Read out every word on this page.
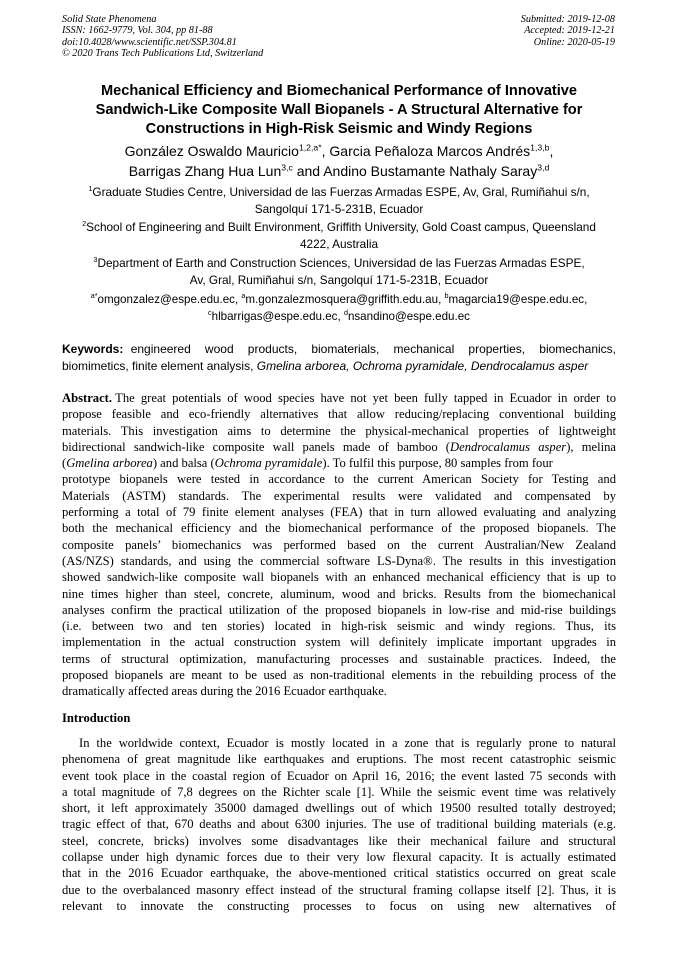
Solid State Phenomena
ISSN: 1662-9779, Vol. 304, pp 81-88
doi:10.4028/www.scientific.net/SSP.304.81
© 2020 Trans Tech Publications Ltd, Switzerland
Submitted: 2019-12-08
Accepted: 2019-12-21
Online: 2020-05-19
Mechanical Efficiency and Biomechanical Performance of Innovative
Sandwich-Like Composite Wall Biopanels - A Structural Alternative for
Constructions in High-Risk Seismic and Windy Regions
González Oswaldo Mauricio$^{1,2,a*}$, Garcia Peñaloza Marcos Andrés$^{1,3,b}$,
Barrigas Zhang Hua Lun$^{3,c}$ and Andino Bustamante Nathaly Saray$^{3,d}$
$^1$Graduate Studies Centre, Universidad de las Fuerzas Armadas ESPE, Av, Gral, Rumiñahui s/n,
Sangolquí 171-5-231B, Ecuador
$^2$School of Engineering and Built Environment, Griffith University, Gold Coast campus, Queensland
4222, Australia
$^3$Department of Earth and Construction Sciences, Universidad de las Fuerzas Armadas ESPE,
Av, Gral, Rumiñahui s/n, Sangolquí 171-5-231B, Ecuador
$^{a*}$omgonzalez@espe.edu.ec, $^a$m.gonzalezmosquera@griffith.edu.au, $^b$magarcia19@espe.edu.ec,
$^c$hlbarrigas@espe.edu.ec, $^d$nsandino@espe.edu.ec
Keywords:
engineered wood products, biomaterials, mechanical properties, biomechanics,
biomimetics, finite element analysis, Gmelina arborea, Ochroma pyramidale, Dendrocalamus asper
Abstract.
The great potentials of wood species have not yet been fully tapped in Ecuador in order to
propose feasible and eco-friendly alternatives that allow reducing/replacing conventional building
materials. This investigation aims to determine the physical-mechanical properties of lightweight
bidirectional sandwich-like composite wall panels made of bamboo (Dendrocalamus asper), melina
(Gmelina arborea) and balsa (Ochroma pyramidale). To fulfil this purpose, 80 samples from four
prototype biopanels were tested in accordance to the current American Society for Testing and
Materials (ASTM) standards. The experimental results were validated and compensated by
performing a total of 79 finite element analyses (FEA) that in turn allowed evaluating and analyzing
both the mechanical efficiency and the biomechanical performance of the proposed biopanels. The
composite panels’ biomechanics was performed based on the current Australian/New Zealand
(AS/NZS) standards, and using the commercial software LS-Dyna®. The results in this investigation
showed sandwich-like composite wall biopanels with an enhanced mechanical efficiency that is up to
nine times higher than steel, concrete, aluminum, wood and bricks. Results from the biomechanical
analyses confirm the practical utilization of the proposed biopanels in low-rise and mid-rise buildings
(i.e. between two and ten stories) located in high-risk seismic and windy regions. Thus, its
implementation in the actual construction system will definitely implicate important upgrades in
terms of structural optimization, manufacturing processes and sustainable practices. Indeed, the
proposed biopanels are meant to be used as non-traditional elements in the rebuilding process of the
dramatically affected areas during the 2016 Ecuador earthquake.
Introduction
In the worldwide context, Ecuador is mostly located in a zone that is regularly prone to natural
phenomena of great magnitude like earthquakes and eruptions. The most recent catastrophic seismic
event took place in the coastal region of Ecuador on April 16, 2016; the event lasted 75 seconds with
a total magnitude of 7,8 degrees on the Richter scale [1]. While the seismic event time was relatively
short, it left approximately 35000 damaged dwellings out of which 19500 resulted totally destroyed;
tragic effect of that, 670 deaths and about 6300 injuries. The use of traditional building materials (e.g.
steel, concrete, bricks) involves some disadvantages like their mechanical failure and structural
collapse under high dynamic forces due to their very low flexural capacity. It is actually estimated
that in the 2016 Ecuador earthquake, the above-mentioned critical statistics occurred on great scale
due to the overbalanced masonry effect instead of the structural framing collapse itself [2]. Thus, it is
relevant to innovate the constructing processes to focus on using new alternatives of
